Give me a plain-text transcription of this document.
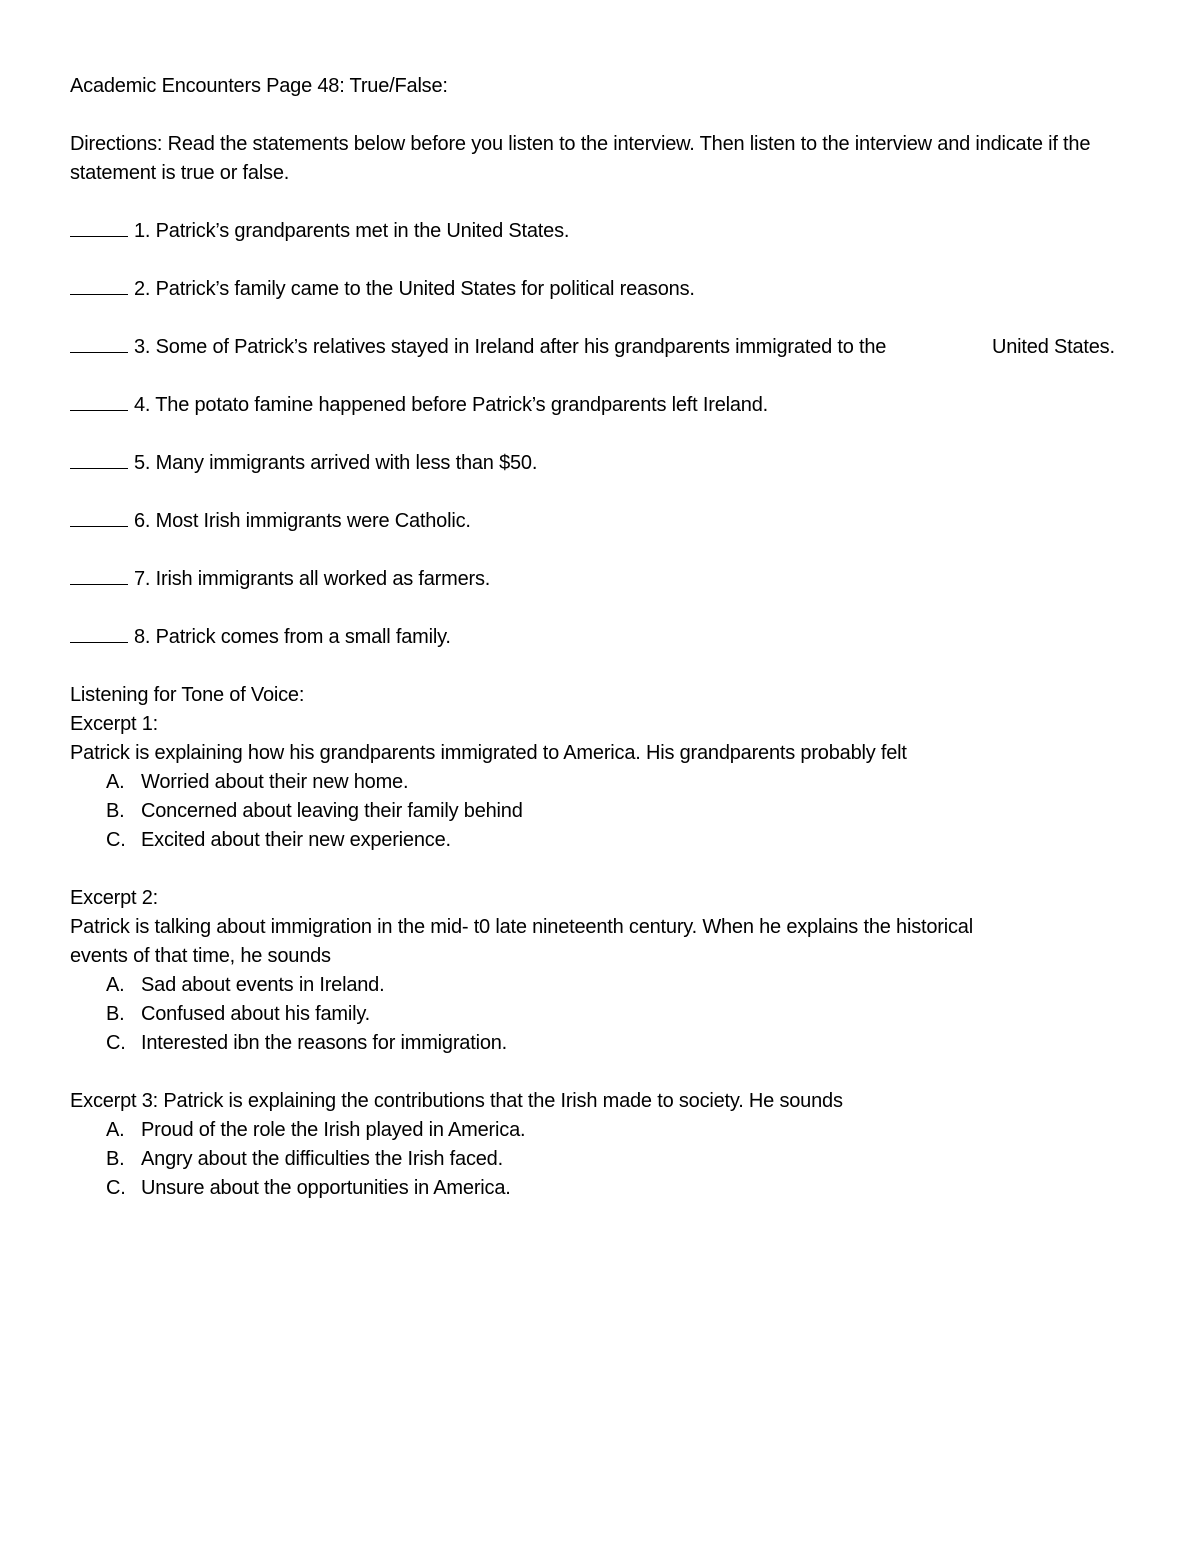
Academic Encounters Page 48: True/False:
Directions: Read the statements below before you listen to the interview. Then listen to the interview and indicate if the statement is true or false.
1. Patrick’s grandparents met in the United States.
2. Patrick’s family came to the United States for political reasons.
3. Some of Patrick’s relatives stayed in Ireland after his grandparents immigrated to the	United States.
4. The potato famine happened before Patrick’s grandparents left Ireland.
5. Many immigrants arrived with less than $50.
6. Most Irish immigrants were Catholic.
7. Irish immigrants all worked as farmers.
8. Patrick comes from a small family.
Listening for Tone of Voice:
Excerpt 1:
Patrick is explaining how his grandparents immigrated to America. His grandparents probably felt
A. Worried about their new home.
B. Concerned about leaving their family behind
C. Excited about their new experience.
Excerpt 2:
Patrick is talking about immigration in the mid- t0 late nineteenth century. When he explains the historical
events of that time, he sounds
A. Sad about events in Ireland.
B. Confused about his family.
C. Interested ibn the reasons for immigration.
Excerpt 3: Patrick is explaining the contributions that the Irish made to society. He sounds
A. Proud of the role the Irish played in America.
B. Angry about the difficulties the Irish faced.
C. Unsure about the opportunities in America.
